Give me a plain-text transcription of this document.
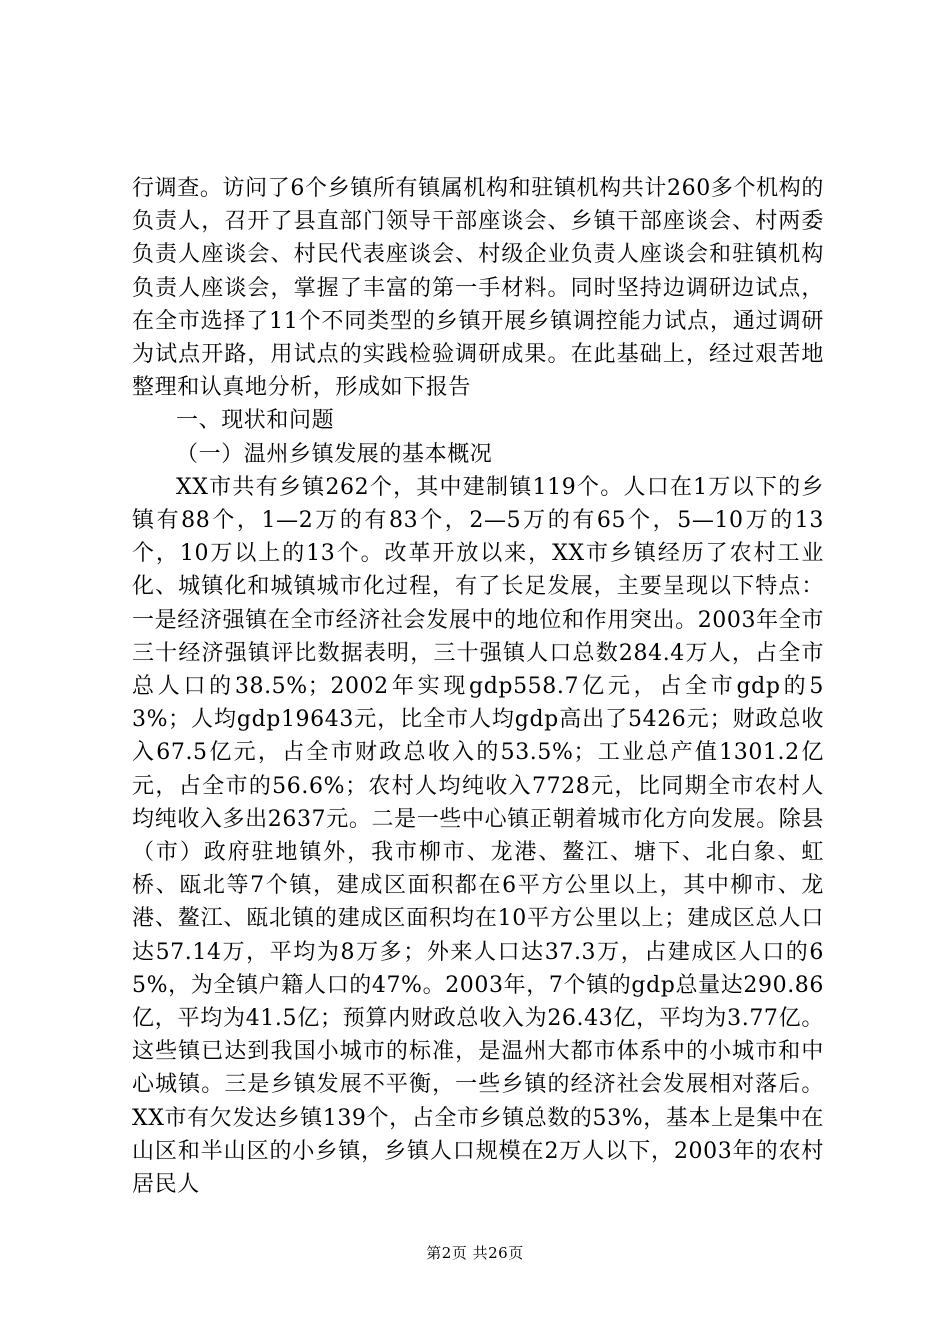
行调查。访问了6个乡镇所有镇属机构和驻镇机构共计260多个机构的负责人，召开了县直部门领导干部座谈会、乡镇干部座谈会、村两委负责人座谈会、村民代表座谈会、村级企业负责人座谈会和驻镇机构负责人座谈会，掌握了丰富的第一手材料。同时坚持边调研边试点，在全市选择了11个不同类型的乡镇开展乡镇调控能力试点，通过调研为试点开路，用试点的实践检验调研成果。在此基础上，经过艰苦地整理和认真地分析，形成如下报告

一、现状和问题

（一）温州乡镇发展的基本概况

XX市共有乡镇262个，其中建制镇119个。人口在1万以下的乡镇有88个，1—2万的有83个，2—5万的有65个，5—10万的13个，10万以上的13个。改革开放以来，XX市乡镇经历了农村工业化、城镇化和城镇城市化过程，有了长足发展，主要呈现以下特点：一是经济强镇在全市经济社会发展中的地位和作用突出。2003年全市三十经济强镇评比数据表明，三十强镇人口总数284.4万人，占全市总人口的38.5%；2002年实现gdp558.7亿元，占全市gdp的53%；人均gdp19643元，比全市人均gdp高出了5426元；财政总收入67.5亿元，占全市财政总收入的53.5%；工业总产值1301.2亿元，占全市的56.6%；农村人均纯收入7728元，比同期全市农村人均纯收入多出2637元。二是一些中心镇正朝着城市化方向发展。除县（市）政府驻地镇外，我市柳市、龙港、鳌江、塘下、北白象、虹桥、瓯北等7个镇，建成区面积都在6平方公里以上，其中柳市、龙港、鳌江、瓯北镇的建成区面积均在10平方公里以上；建成区总人口达57.14万，平均为8万多；外来人口达37.3万，占建成区人口的65%，为全镇户籍人口的47%。2003年，7个镇的gdp总量达290.86亿，平均为41.5亿；预算内财政总收入为26.43亿，平均为3.77亿。这些镇已达到我国小城市的标准，是温州大都市体系中的小城市和中心城镇。三是乡镇发展不平衡，一些乡镇的经济社会发展相对落后。XX市有欠发达乡镇139个，占全市乡镇总数的53%，基本上是集中在山区和半山区的小乡镇，乡镇人口规模在2万人以下，2003年的农村居民人

第2页 共26页
